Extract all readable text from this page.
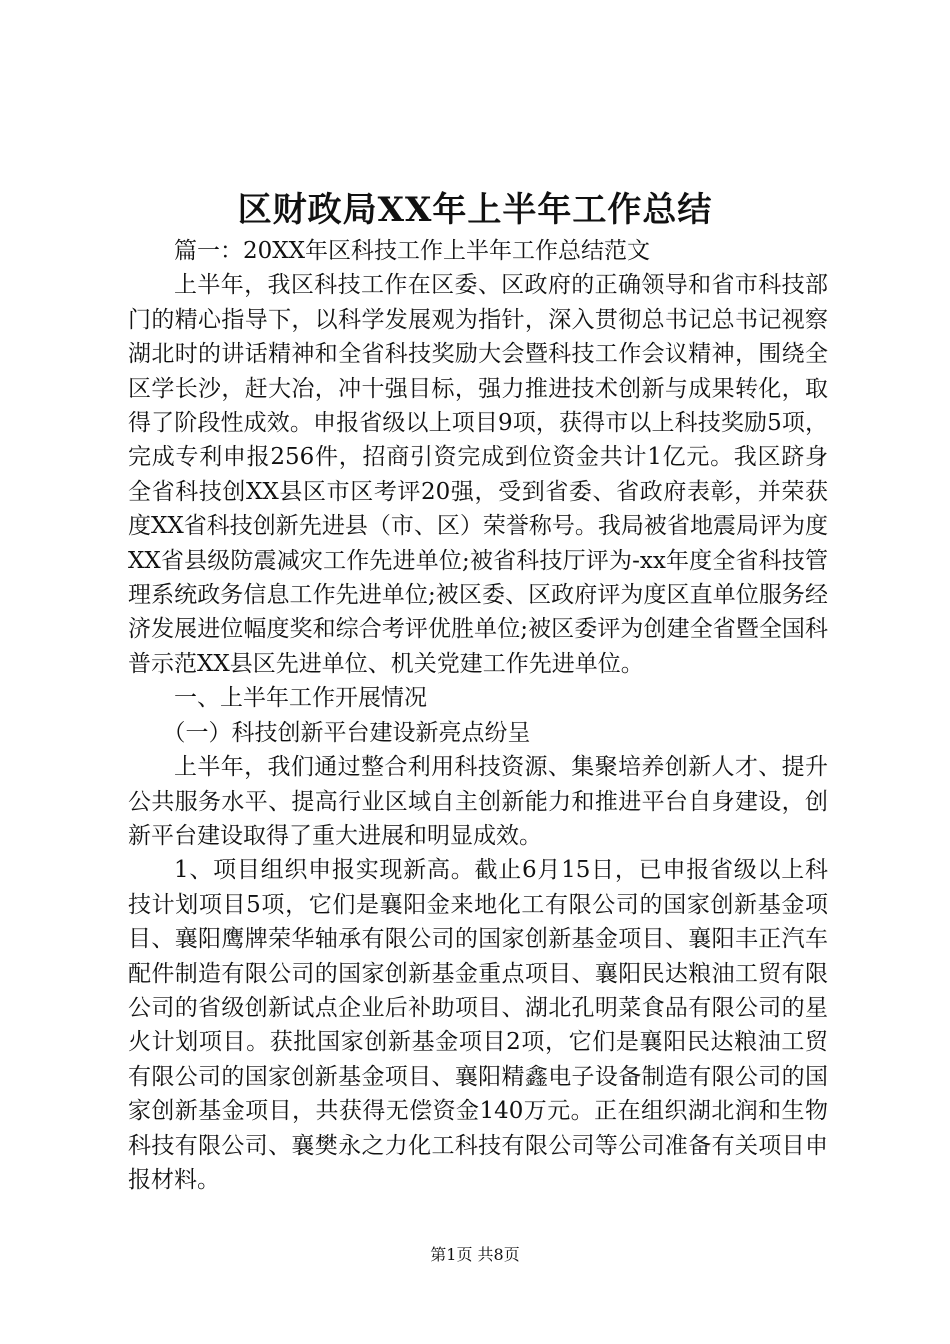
区财政局XX年上半年工作总结

篇一：20XX年区科技工作上半年工作总结范文

上半年，我区科技工作在区委、区政府的正确领导和省市科技部门的精心指导下，以科学发展观为指针，深入贯彻总书记总书记视察湖北时的讲话精神和全省科技奖励大会暨科技工作会议精神，围绕全区学长沙，赶大冶，冲十强目标，强力推进技术创新与成果转化，取得了阶段性成效。申报省级以上项目9项，获得市以上科技奖励5项，完成专利申报256件，招商引资完成到位资金共计1亿元。我区跻身全省科技创XX县区市区考评20强，受到省委、省政府表彰，并荣获度XX省科技创新先进县（市、区）荣誉称号。我局被省地震局评为度XX省县级防震减灾工作先进单位;被省科技厅评为-xx年度全省科技管理系统政务信息工作先进单位;被区委、区政府评为度区直单位服务经济发展进位幅度奖和综合考评优胜单位;被区委评为创建全省暨全国科普示范XX县区先进单位、机关党建工作先进单位。

一、上半年工作开展情况

（一）科技创新平台建设新亮点纷呈

上半年，我们通过整合利用科技资源、集聚培养创新人才、提升公共服务水平、提高行业区域自主创新能力和推进平台自身建设，创新平台建设取得了重大进展和明显成效。

1、项目组织申报实现新高。截止6月15日，已申报省级以上科技计划项目5项，它们是襄阳金来地化工有限公司的国家创新基金项目、襄阳鹰牌荣华轴承有限公司的国家创新基金项目、襄阳丰正汽车配件制造有限公司的国家创新基金重点项目、襄阳民达粮油工贸有限公司的省级创新试点企业后补助项目、湖北孔明菜食品有限公司的星火计划项目。获批国家创新基金项目2项，它们是襄阳民达粮油工贸有限公司的国家创新基金项目、襄阳精鑫电子设备制造有限公司的国家创新基金项目，共获得无偿资金140万元。正在组织湖北润和生物科技有限公司、襄樊永之力化工科技有限公司等公司准备有关项目申报材料。

第1页 共8页
